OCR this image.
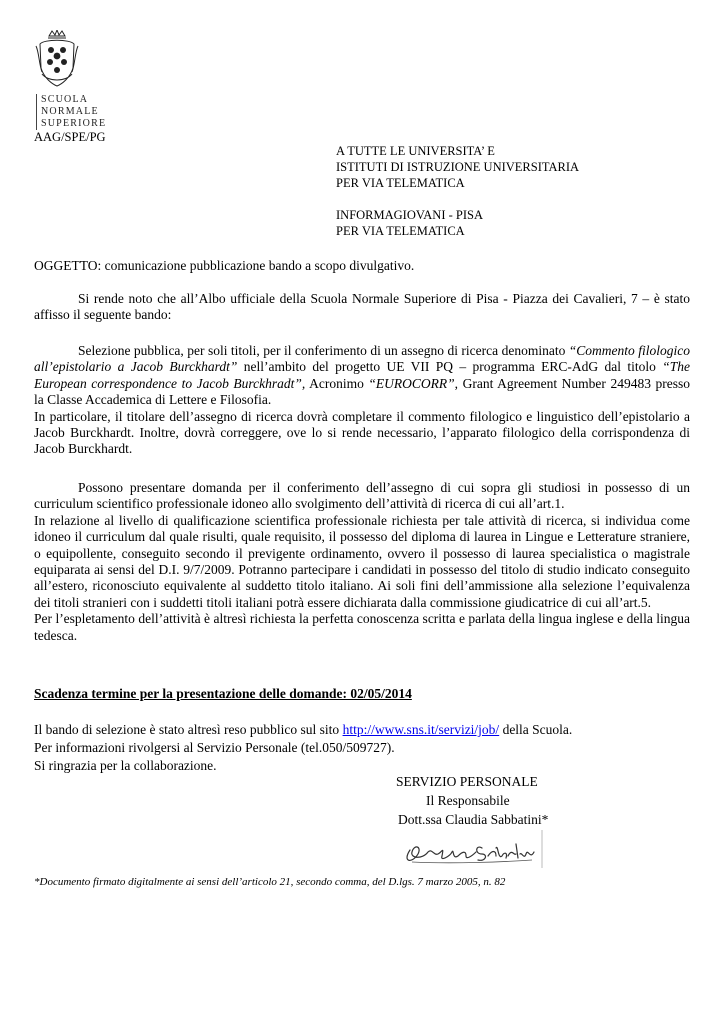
SCUOLA
NORMALE
SUPERIORE
AAG/SPE/PG
A TUTTE LE UNIVERSITA’ E
ISTITUTI DI ISTRUZIONE UNIVERSITARIA
PER VIA TELEMATICA
INFORMAGIOVANI - PISA
PER VIA TELEMATICA
OGGETTO: comunicazione pubblicazione bando a scopo divulgativo.

Si rende noto che all’Albo ufficiale della Scuola Normale Superiore di Pisa - Piazza dei Cavalieri, 7 – è stato affisso il seguente bando:

Selezione pubblica, per soli titoli, per il conferimento di un assegno di ricerca denominato “Commento filologico all’epistolario a Jacob Burckhardt” nell’ambito del progetto UE VII PQ – programma ERC-AdG dal titolo “The European correspondence to Jacob Burckhradt”, Acronimo “EUROCORR”, Grant Agreement Number 249483 presso la Classe Accademica di Lettere e Filosofia.

In particolare, il titolare dell’assegno di ricerca dovrà completare il commento filologico e linguistico dell’epistolario a Jacob Burckhardt. Inoltre, dovrà correggere, ove lo si rende necessario, l’apparato filologico della corrispondenza di Jacob Burckhardt.

Possono presentare domanda per il conferimento dell’assegno di cui sopra gli studiosi in possesso di un curriculum scientifico professionale idoneo allo svolgimento dell’attività di ricerca di cui all’art.1.

In relazione al livello di qualificazione scientifica professionale richiesta per tale attività di ricerca, si individua come idoneo il curriculum dal quale risulti, quale requisito, il possesso del diploma di laurea in Lingue e Letterature straniere, o equipollente, conseguito secondo il previgente ordinamento, ovvero il possesso di laurea specialistica o magistrale equiparata ai sensi del D.I. 9/7/2009. Potranno partecipare i candidati in possesso del titolo di studio indicato conseguito all’estero, riconosciuto equivalente al suddetto titolo italiano. Ai soli fini dell’ammissione alla selezione l’equivalenza dei titoli stranieri con i suddetti titoli italiani potrà essere dichiarata dalla commissione giudicatrice di cui all’art.5.

Per l’espletamento dell’attività è altresì richiesta la perfetta conoscenza scritta e parlata della lingua inglese e della lingua tedesca.

Scadenza termine per la presentazione delle domande: 02/05/2014
Il bando di selezione è stato altresì reso pubblico sul sito http://www.sns.it/servizi/job/ della Scuola.
Per informazioni rivolgersi al Servizio Personale (tel.050/509727).
Si ringrazia per la collaborazione.
SERVIZIO PERSONALE
Il Responsabile
Dott.ssa Claudia Sabbatini*
*Documento firmato digitalmente ai sensi dell’articolo 21, secondo comma, del D.lgs. 7 marzo 2005, n. 82
